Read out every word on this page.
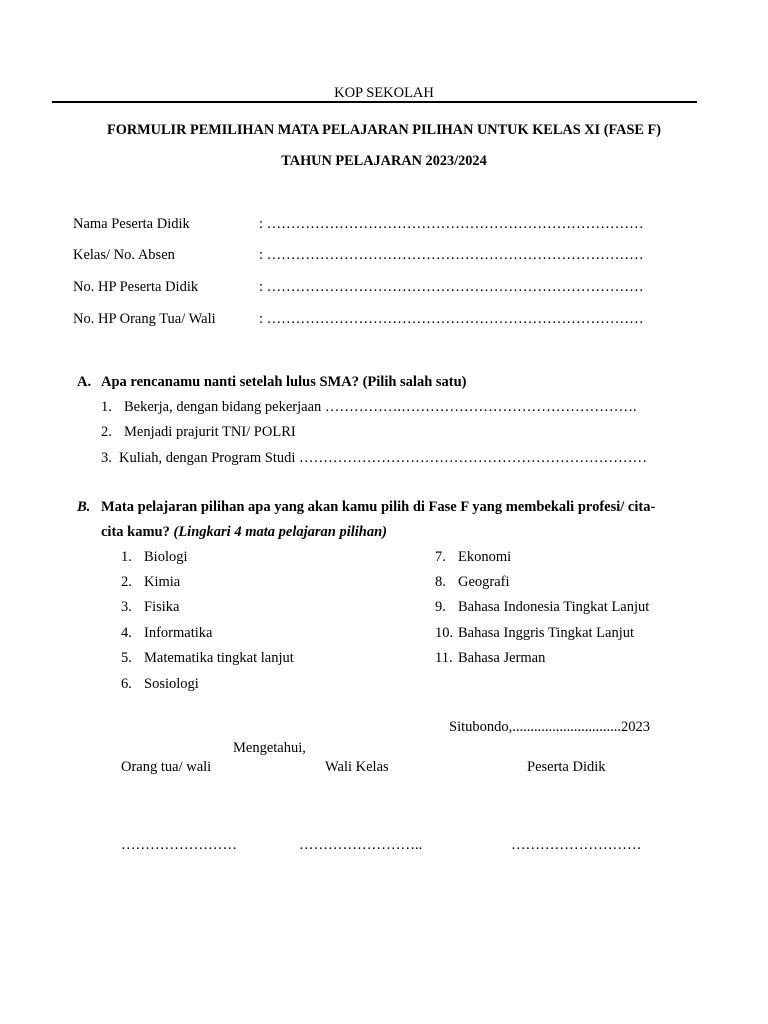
KOP SEKOLAH
FORMULIR PEMILIHAN MATA PELAJARAN PILIHAN UNTUK KELAS XI (FASE F)
TAHUN PELAJARAN 2023/2024
Nama Peserta Didik	: ……………………………………………………………………
Kelas/ No. Absen	: ……………………………………………………………………
No. HP Peserta Didik	: ……………………………………………………………………
No. HP Orang Tua/ Wali	: ……………………………………………………………………
A. Apa rencanamu nanti setelah lulus SMA? (Pilih salah satu)
1. Bekerja, dengan bidang pekerjaan …………….………………………………………….
2. Menjadi prajurit TNI/ POLRI
3. Kuliah, dengan Program Studi ………………………………………………………………
B. Mata pelajaran pilihan apa yang akan kamu pilih di Fase F yang membekali profesi/ cita-
cita kamu? (Lingkari 4 mata pelajaran pilihan)
1. Biologi
2. Kimia
3. Fisika
4. Informatika
5. Matematika tingkat lanjut
6. Sosiologi
7. Ekonomi
8. Geografi
9. Bahasa Indonesia Tingkat Lanjut
10. Bahasa Inggris Tingkat Lanjut
11. Bahasa Jerman
Situbondo,..............................2023
Mengetahui,
Orang tua/ wali	Wali Kelas	Peserta Didik
……………………	……………………..	………………………
